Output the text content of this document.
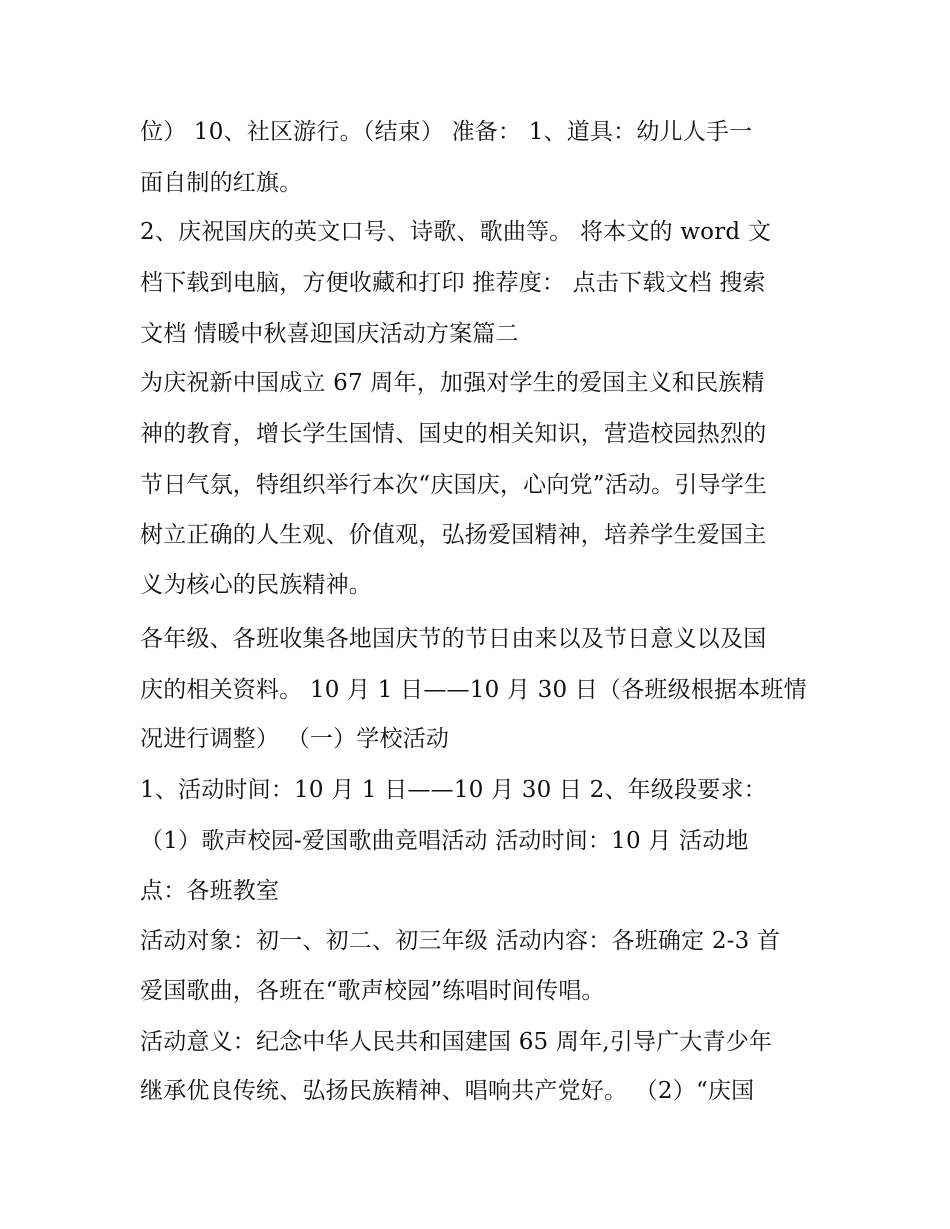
位） 10、社区游行。（结束） 准备： 1、道具：幼儿人手一
面自制的红旗。
2、庆祝国庆的英文口号、诗歌、歌曲等。 将本文的 word 文
档下载到电脑，方便收藏和打印 推荐度： 点击下载文档 搜索
文档 情暖中秋喜迎国庆活动方案篇二
为庆祝新中国成立 67 周年，加强对学生的爱国主义和民族精
神的教育，增长学生国情、国史的相关知识，营造校园热烈的
节日气氛，特组织举行本次“庆国庆，心向党”活动。引导学生
树立正确的人生观、价值观，弘扬爱国精神，培养学生爱国主
义为核心的民族精神。
各年级、各班收集各地国庆节的节日由来以及节日意义以及国
庆的相关资料。 10 月 1 日——10 月 30 日（各班级根据本班情
况进行调整） （一）学校活动
1、活动时间：10 月 1 日——10 月 30 日 2、年级段要求：
（1）歌声校园-爱国歌曲竞唱活动 活动时间：10 月 活动地
点：各班教室
活动对象：初一、初二、初三年级 活动内容：各班确定 2-3 首
爱国歌曲，各班在“歌声校园”练唱时间传唱。
活动意义：纪念中华人民共和国建国 65 周年,引导广大青少年
继承优良传统、弘扬民族精神、唱响共产党好。 （2）“庆国
